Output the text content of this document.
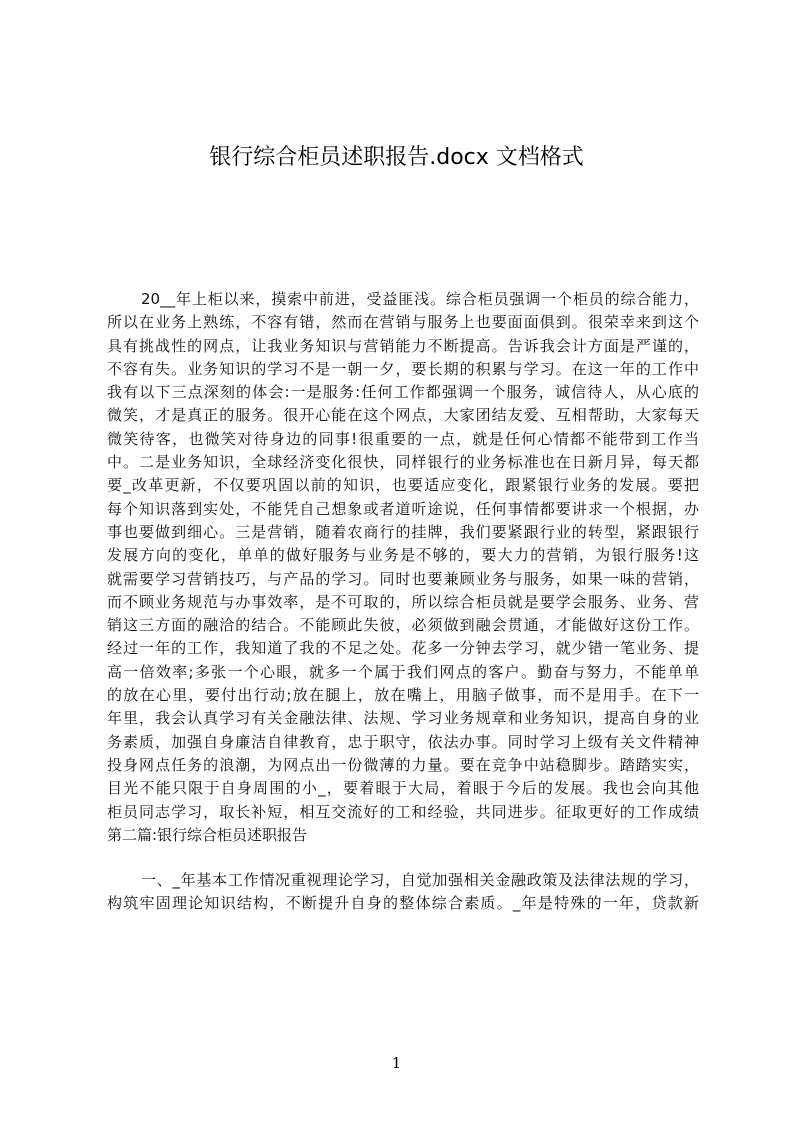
银行综合柜员述职报告.docx 文档格式
20__年上柜以来，摸索中前进，受益匪浅。综合柜员强调一个柜员的综合能力，
所以在业务上熟练，不容有错，然而在营销与服务上也要面面俱到。很荣幸来到这个
具有挑战性的网点，让我业务知识与营销能力不断提高。告诉我会计方面是严谨的，
不容有失。业务知识的学习不是一朝一夕，要长期的积累与学习。在这一年的工作中
我有以下三点深刻的体会:一是服务:任何工作都强调一个服务，诚信待人，从心底的
微笑，才是真正的服务。很开心能在这个网点，大家团结友爱、互相帮助，大家每天
微笑待客，也微笑对待身边的同事!很重要的一点，就是任何心情都不能带到工作当
中。二是业务知识，全球经济变化很快，同样银行的业务标准也在日新月异，每天都
要_改革更新，不仅要巩固以前的知识，也要适应变化，跟紧银行业务的发展。要把
每个知识落到实处，不能凭自己想象或者道听途说，任何事情都要讲求一个根据，办
事也要做到细心。三是营销，随着农商行的挂牌，我们要紧跟行业的转型，紧跟银行
发展方向的变化，单单的做好服务与业务是不够的，要大力的营销，为银行服务!这
就需要学习营销技巧，与产品的学习。同时也要兼顾业务与服务，如果一味的营销，
而不顾业务规范与办事效率，是不可取的，所以综合柜员就是要学会服务、业务、营
销这三方面的融洽的结合。不能顾此失彼，必须做到融会贯通，才能做好这份工作。
经过一年的工作，我知道了我的不足之处。花多一分钟去学习，就少错一笔业务、提
高一倍效率;多张一个心眼，就多一个属于我们网点的客户。勤奋与努力，不能单单
的放在心里，要付出行动;放在腿上，放在嘴上，用脑子做事，而不是用手。在下一
年里，我会认真学习有关金融法律、法规、学习业务规章和业务知识，提高自身的业
务素质，加强自身廉洁自律教育，忠于职守，依法办事。同时学习上级有关文件精神
投身网点任务的浪潮，为网点出一份微薄的力量。要在竞争中站稳脚步。踏踏实实，
目光不能只限于自身周围的小_，要着眼于大局，着眼于今后的发展。我也会向其他
柜员同志学习，取长补短，相互交流好的工和经验，共同进步。征取更好的工作成绩
第二篇:银行综合柜员述职报告
一、_年基本工作情况重视理论学习，自觉加强相关金融政策及法律法规的学习，
构筑牢固理论知识结构，不断提升自身的整体综合素质。_年是特殊的一年，贷款新
1
